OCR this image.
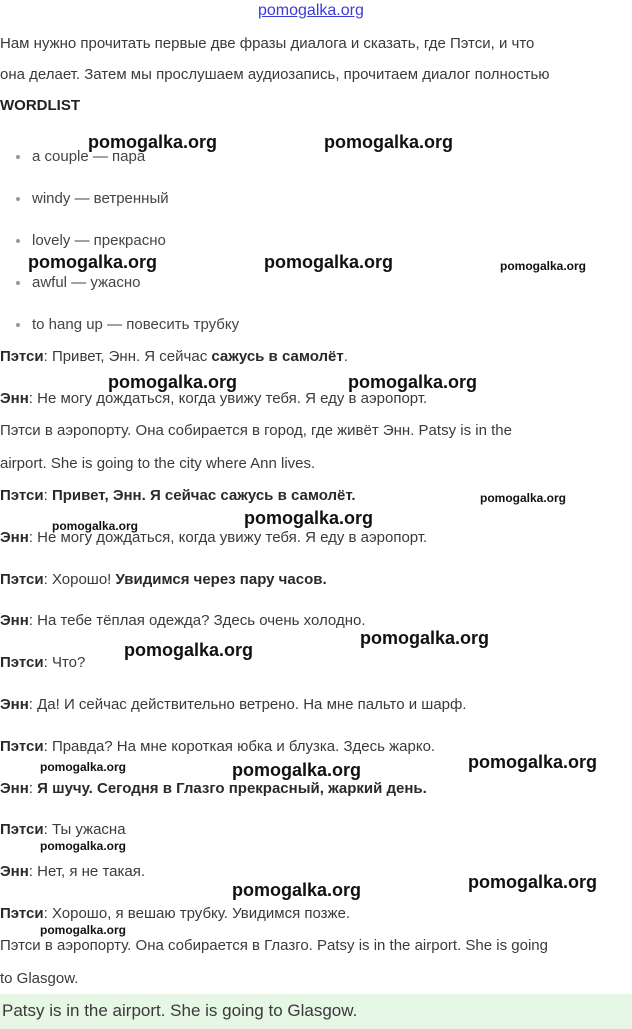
pomogalka.org
Нам нужно прочитать первые две фразы диалога и сказать, где Пэтси, и что
она делает. Затем мы прослушаем аудиозапись, прочитаем диалог полностью
WORDLIST
a couple — пара
windy — ветренный
lovely — прекрасно
awful — ужасно
to hang up — повесить трубку
Пэтси: Привет, Энн. Я сейчас сажусь в самолёт.
Энн: Не могу дождаться, когда увижу тебя. Я еду в аэропорт.
Пэтси в аэропорту. Она собирается в город, где живёт Энн. Patsy is in the
airport. She is going to the city where Ann lives.
Пэтси: Привет, Энн. Я сейчас сажусь в самолёт.
Энн: Не могу дождаться, когда увижу тебя. Я еду в аэропорт.
Пэтси: Хорошо! Увидимся через пару часов.
Энн: На тебе тёплая одежда? Здесь очень холодно.
Пэтси: Что?
Энн: Да! И сейчас действительно ветрено. На мне пальто и шарф.
Пэтси: Правда? На мне короткая юбка и блузка. Здесь жарко.
Энн: Я шучу. Сегодня в Глазго прекрасный, жаркий день.
Пэтси: Ты ужасна
Энн: Нет, я не такая.
Пэтси: Хорошо, я вешаю трубку. Увидимся позже.
Пэтси в аэропорту. Она собирается в Глазго. Patsy is in the airport. She is going
to Glasgow.
Patsy is in the airport. She is going to Glasgow.
pomogalka.org	pomogalka.org
pomogalka.org	pomogalka.org	pomogalka.org
pomogalka.org	pomogalka.org
pomogalka.org
pomogalka.org	pomogalka.org
pomogalka.org
pomogalka.org
pomogalka.org	pomogalka.org	pomogalka.org
pomogalka.org
pomogalka.org	pomogalka.org
pomogalka.org
